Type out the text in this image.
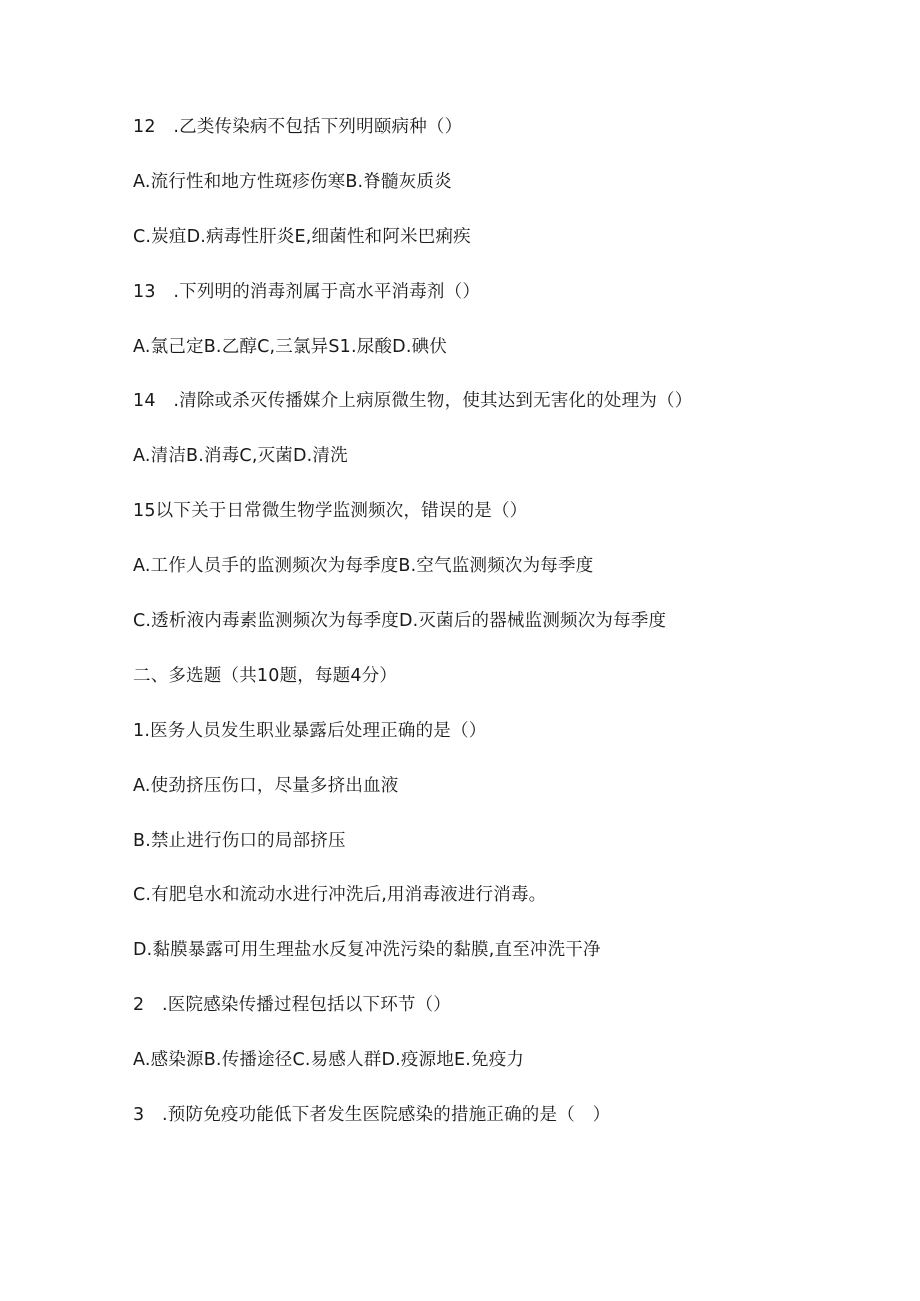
12　.乙类传染病不包括下列明颐病种（）
A.流行性和地方性斑疹伤寒B.脊髓灰质炎
C.炭疽D.病毒性肝炎E,细菌性和阿米巴痢疾
13　.下列明的消毒剂属于高水平消毒剂（）
A.氯己定B.乙醇C,三氯异S1.尿酸D.碘伏
14　.清除或杀灭传播媒介上病原微生物，使其达到无害化的处理为（）
A.清洁B.消毒C,灭菌D.清洗
15以下关于日常微生物学监测频次，错误的是（）
A.工作人员手的监测频次为每季度B.空气监测频次为每季度
C.透析液内毒素监测频次为每季度D.灭菌后的器械监测频次为每季度
二、多选题（共10题，每题4分）
1.医务人员发生职业暴露后处理正确的是（）
A.使劲挤压伤口，尽量多挤出血液
B.禁止进行伤口的局部挤压
C.有肥皂水和流动水进行冲洗后,用消毒液进行消毒。
D.黏膜暴露可用生理盐水反复冲洗污染的黏膜,直至冲洗干净
2　.医院感染传播过程包括以下环节（）
A.感染源B.传播途径C.易感人群D.疫源地E.免疫力
3　.预防免疫功能低下者发生医院感染的措施正确的是（　）
